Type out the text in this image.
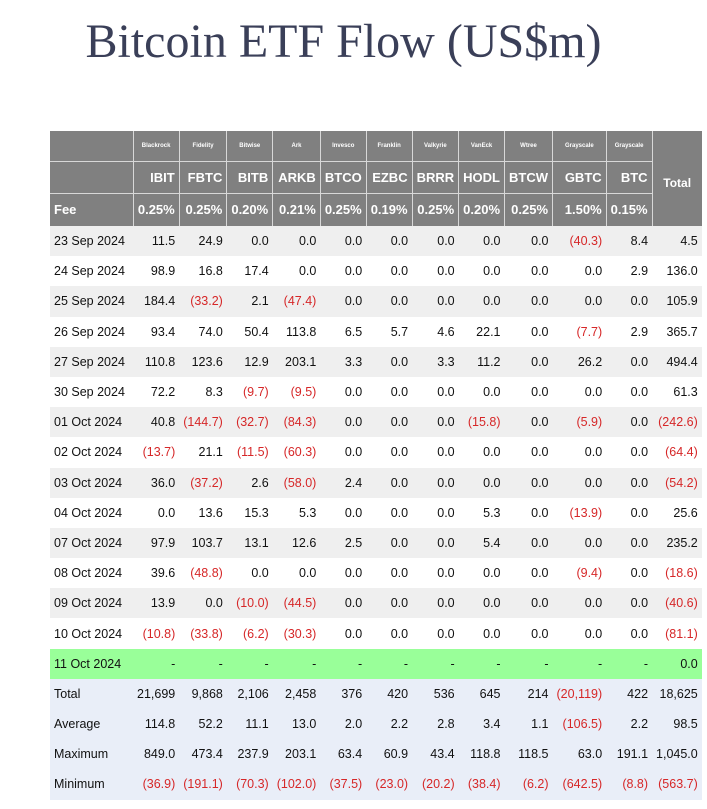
Bitcoin ETF Flow (US$m)
	Blackrock	Fidelity	Bitwise	Ark	Invesco	Franklin	Valkyrie	VanEck	Wtree	Grayscale	Grayscale	Total
	IBIT	FBTC	BITB	ARKB	BTCO	EZBC	BRRR	HODL	BTCW	GBTC	BTC	
Fee	0.25%	0.25%	0.20%	0.21%	0.25%	0.19%	0.25%	0.20%	0.25%	1.50%	0.15%	
23 Sep 2024	11.5	24.9	0.0	0.0	0.0	0.0	0.0	0.0	0.0	(40.3)	8.4	4.5
24 Sep 2024	98.9	16.8	17.4	0.0	0.0	0.0	0.0	0.0	0.0	0.0	2.9	136.0
25 Sep 2024	184.4	(33.2)	2.1	(47.4)	0.0	0.0	0.0	0.0	0.0	0.0	0.0	105.9
26 Sep 2024	93.4	74.0	50.4	113.8	6.5	5.7	4.6	22.1	0.0	(7.7)	2.9	365.7
27 Sep 2024	110.8	123.6	12.9	203.1	3.3	0.0	3.3	11.2	0.0	26.2	0.0	494.4
30 Sep 2024	72.2	8.3	(9.7)	(9.5)	0.0	0.0	0.0	0.0	0.0	0.0	0.0	61.3
01 Oct 2024	40.8	(144.7)	(32.7)	(84.3)	0.0	0.0	0.0	(15.8)	0.0	(5.9)	0.0	(242.6)
02 Oct 2024	(13.7)	21.1	(11.5)	(60.3)	0.0	0.0	0.0	0.0	0.0	0.0	0.0	(64.4)
03 Oct 2024	36.0	(37.2)	2.6	(58.0)	2.4	0.0	0.0	0.0	0.0	0.0	0.0	(54.2)
04 Oct 2024	0.0	13.6	15.3	5.3	0.0	0.0	0.0	5.3	0.0	(13.9)	0.0	25.6
07 Oct 2024	97.9	103.7	13.1	12.6	2.5	0.0	0.0	5.4	0.0	0.0	0.0	235.2
08 Oct 2024	39.6	(48.8)	0.0	0.0	0.0	0.0	0.0	0.0	0.0	(9.4)	0.0	(18.6)
09 Oct 2024	13.9	0.0	(10.0)	(44.5)	0.0	0.0	0.0	0.0	0.0	0.0	0.0	(40.6)
10 Oct 2024	(10.8)	(33.8)	(6.2)	(30.3)	0.0	0.0	0.0	0.0	0.0	0.0	0.0	(81.1)
11 Oct 2024	-	-	-	-	-	-	-	-	-	-	-	0.0
Total	21,699	9,868	2,106	2,458	376	420	536	645	214	(20,119)	422	18,625
Average	114.8	52.2	11.1	13.0	2.0	2.2	2.8	3.4	1.1	(106.5)	2.2	98.5
Maximum	849.0	473.4	237.9	203.1	63.4	60.9	43.4	118.8	118.5	63.0	191.1	1,045.0
Minimum	(36.9)	(191.1)	(70.3)	(102.0)	(37.5)	(23.0)	(20.2)	(38.4)	(6.2)	(642.5)	(8.8)	(563.7)
